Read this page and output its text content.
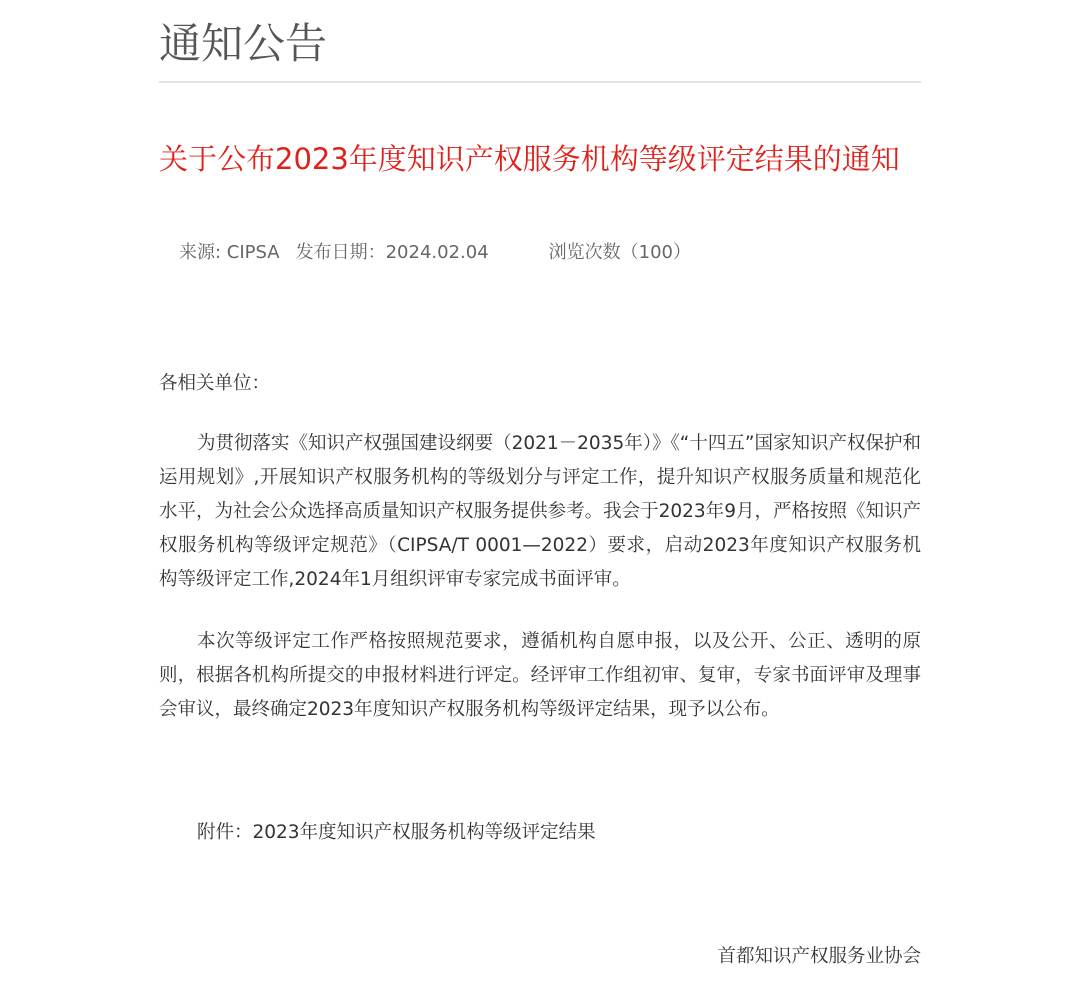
通知公告
关于公布2023年度知识产权服务机构等级评定结果的通知
来源: CIPSA 发布日期：2024.02.04	浏览次数（100）

各相关单位：

为贯彻落实《知识产权强国建设纲要（2021－2035年）》《“十四五”国家知识产权保护和运用规划》,开展知识产权服务机构的等级划分与评定工作，提升知识产权服务质量和规范化水平，为社会公众选择高质量知识产权服务提供参考。我会于2023年9月，严格按照《知识产权服务机构等级评定规范》（CIPSA/T 0001—2022）要求，启动2023年度知识产权服务机构等级评定工作,2024年1月组织评审专家完成书面评审。

本次等级评定工作严格按照规范要求，遵循机构自愿申报，以及公开、公正、透明的原则，根据各机构所提交的申报材料进行评定。经评审工作组初审、复审，专家书面评审及理事会审议，最终确定2023年度知识产权服务机构等级评定结果，现予以公布。

附件：2023年度知识产权服务机构等级评定结果
首都知识产权服务业协会
